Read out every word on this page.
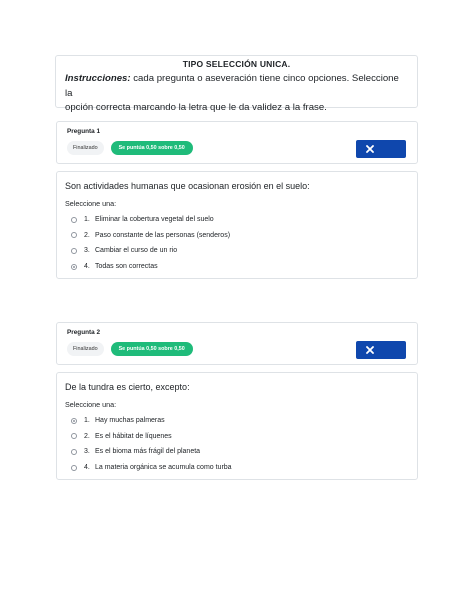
TIPO SELECCIÓN UNICA.
Instrucciones: cada pregunta o aseveración tiene cinco opciones. Seleccione la
opción correcta marcando la letra que le da validez a la frase.
Pregunta 1
Finalizado	Se puntúa 0,50 sobre 0,50
Son actividades humanas que ocasionan erosión en el suelo:
Seleccione una:
1. Eliminar la cobertura vegetal del suelo
2. Paso constante de las personas (senderos)
3. Cambiar el curso de un rio
4. Todas son correctas
Pregunta 2
Finalizado	Se puntúa 0,50 sobre 0,50
De la tundra es cierto, excepto:
Seleccione una:
1. Hay muchas palmeras
2. Es el hábitat de líquenes
3. Es el bioma más frágil del planeta
4. La materia orgánica se acumula como turba
